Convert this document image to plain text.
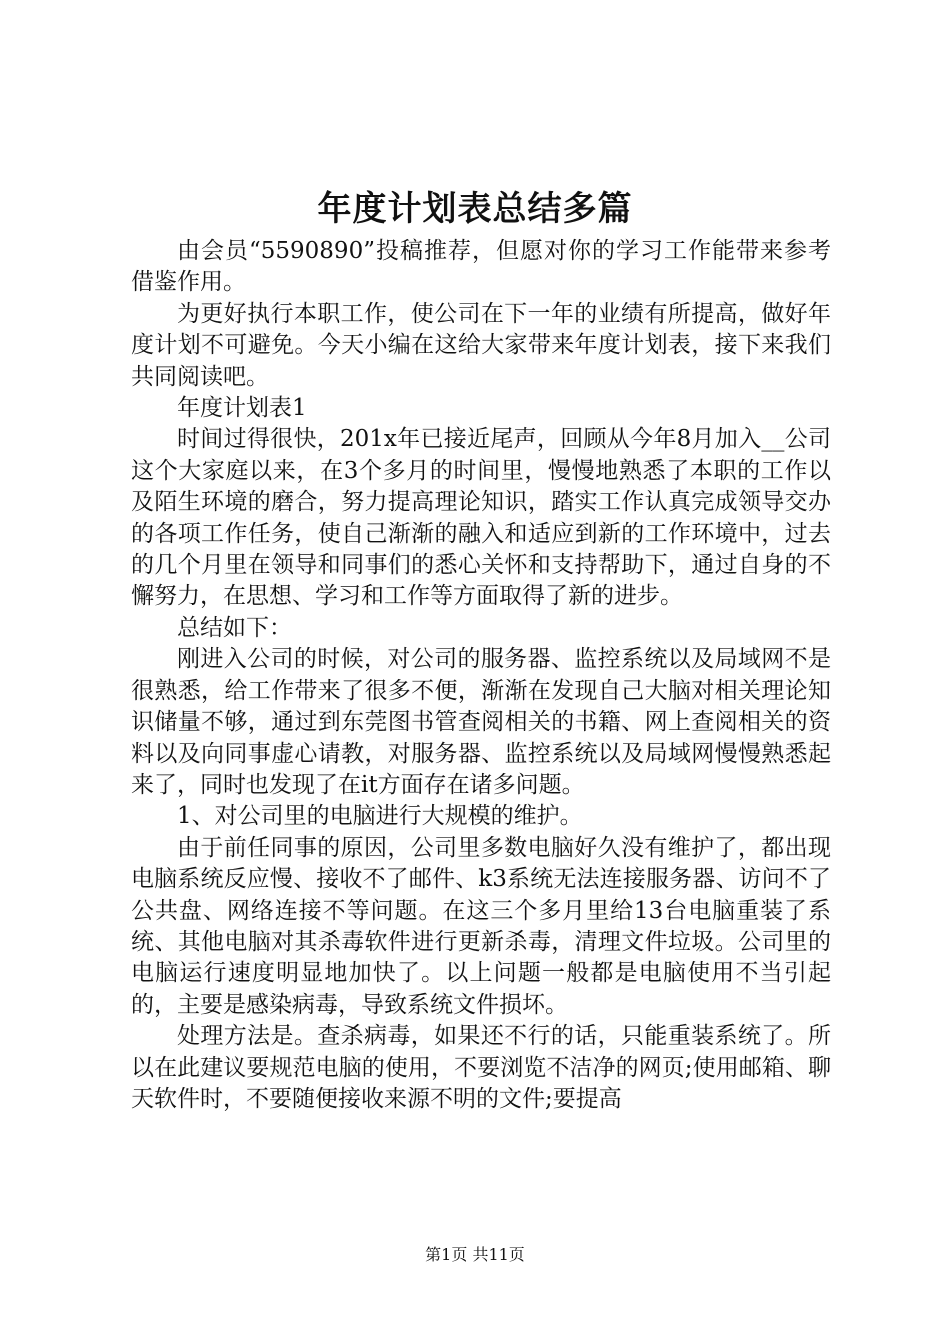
年度计划表总结多篇

由会员“5590890”投稿推荐，但愿对你的学习工作能带来参考借鉴作用。

为更好执行本职工作，使公司在下一年的业绩有所提高，做好年度计划不可避免。今天小编在这给大家带来年度计划表，接下来我们共同阅读吧。

年度计划表1

时间过得很快，201x年已接近尾声，回顾从今年8月加入__公司这个大家庭以来，在3个多月的时间里，慢慢地熟悉了本职的工作以及陌生环境的磨合，努力提高理论知识，踏实工作认真完成领导交办的各项工作任务，使自己渐渐的融入和适应到新的工作环境中，过去的几个月里在领导和同事们的悉心关怀和支持帮助下，通过自身的不懈努力，在思想、学习和工作等方面取得了新的进步。

总结如下：

刚进入公司的时候，对公司的服务器、监控系统以及局域网不是很熟悉，给工作带来了很多不便，渐渐在发现自己大脑对相关理论知识储量不够，通过到东莞图书管查阅相关的书籍、网上查阅相关的资料以及向同事虚心请教，对服务器、监控系统以及局域网慢慢熟悉起来了，同时也发现了在it方面存在诸多问题。

1、对公司里的电脑进行大规模的维护。

由于前任同事的原因，公司里多数电脑好久没有维护了，都出现电脑系统反应慢、接收不了邮件、k3系统无法连接服务器、访问不了公共盘、网络连接不等问题。在这三个多月里给13台电脑重装了系统、其他电脑对其杀毒软件进行更新杀毒，清理文件垃圾。公司里的电脑运行速度明显地加快了。以上问题一般都是电脑使用不当引起的，主要是感染病毒，导致系统文件损坏。

处理方法是。查杀病毒，如果还不行的话，只能重装系统了。所以在此建议要规范电脑的使用，不要浏览不洁净的网页;使用邮箱、聊天软件时，不要随便接收来源不明的文件;要提高

第1页 共11页
